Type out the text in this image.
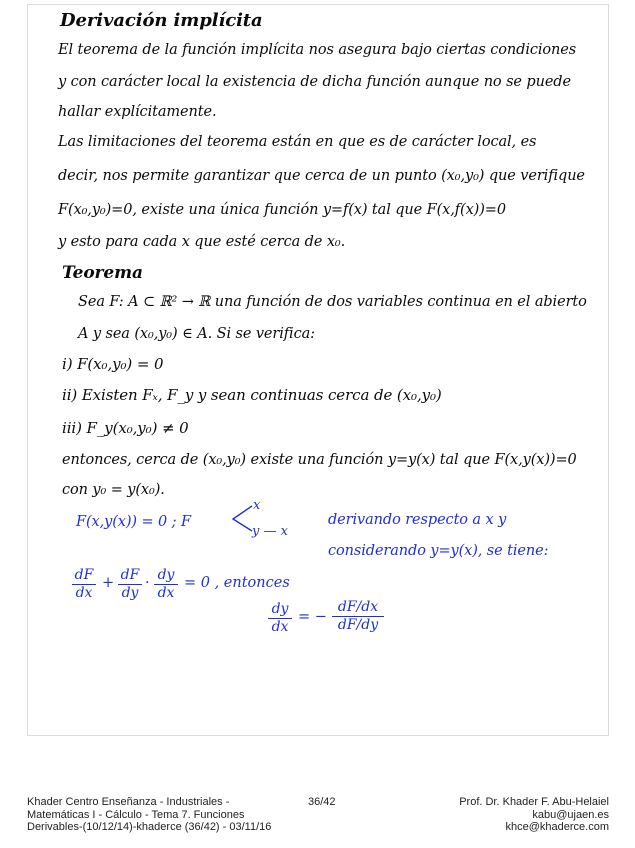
Derivación implícita

El teorema de la función implícita nos asegura bajo ciertas condiciones

y con carácter local la existencia de dicha función aunque no se puede

hallar explícitamente.

Las limitaciones del teorema están en que es de carácter local, es

decir, nos permite garantizar que cerca de un punto (x₀,y₀) que verifique

F(x₀,y₀)=0, existe una única función y=f(x) tal que F(x,f(x))=0

y esto para cada x que esté cerca de x₀.

Teorema

Sea F: A ⊂ ℝ² → ℝ una función de dos variables continua en el abierto

A y sea (x₀,y₀) ∈ A. Si se verifica:

i) F(x₀,y₀) = 0

ii) Existen Fₓ, F_y y sean continuas cerca de (x₀,y₀)

iii) F_y(x₀,y₀) ≠ 0

entonces, cerca de (x₀,y₀) existe una función y=y(x) tal que F(x,y(x))=0

con y₀ = y(x₀).

F(x,y(x)) = 0 ; F

x
y — x

derivando respecto a x y

considerando y=y(x), se tiene:

dF
dx
+ dF
dy
· dy
dx
= 0 , entonces
dy
dx
= −
dF/dx
dF/dy
Khader Centro Enseñanza - Industriales -
Matemáticas I - Cálculo - Tema 7. Funciones
Derivables-(10/12/14)-khaderce (36/42) - 03/11/16
36/42	Prof. Dr. Khader F. Abu-Helaiel
kabu@ujaen.es
khce@khaderce.com
